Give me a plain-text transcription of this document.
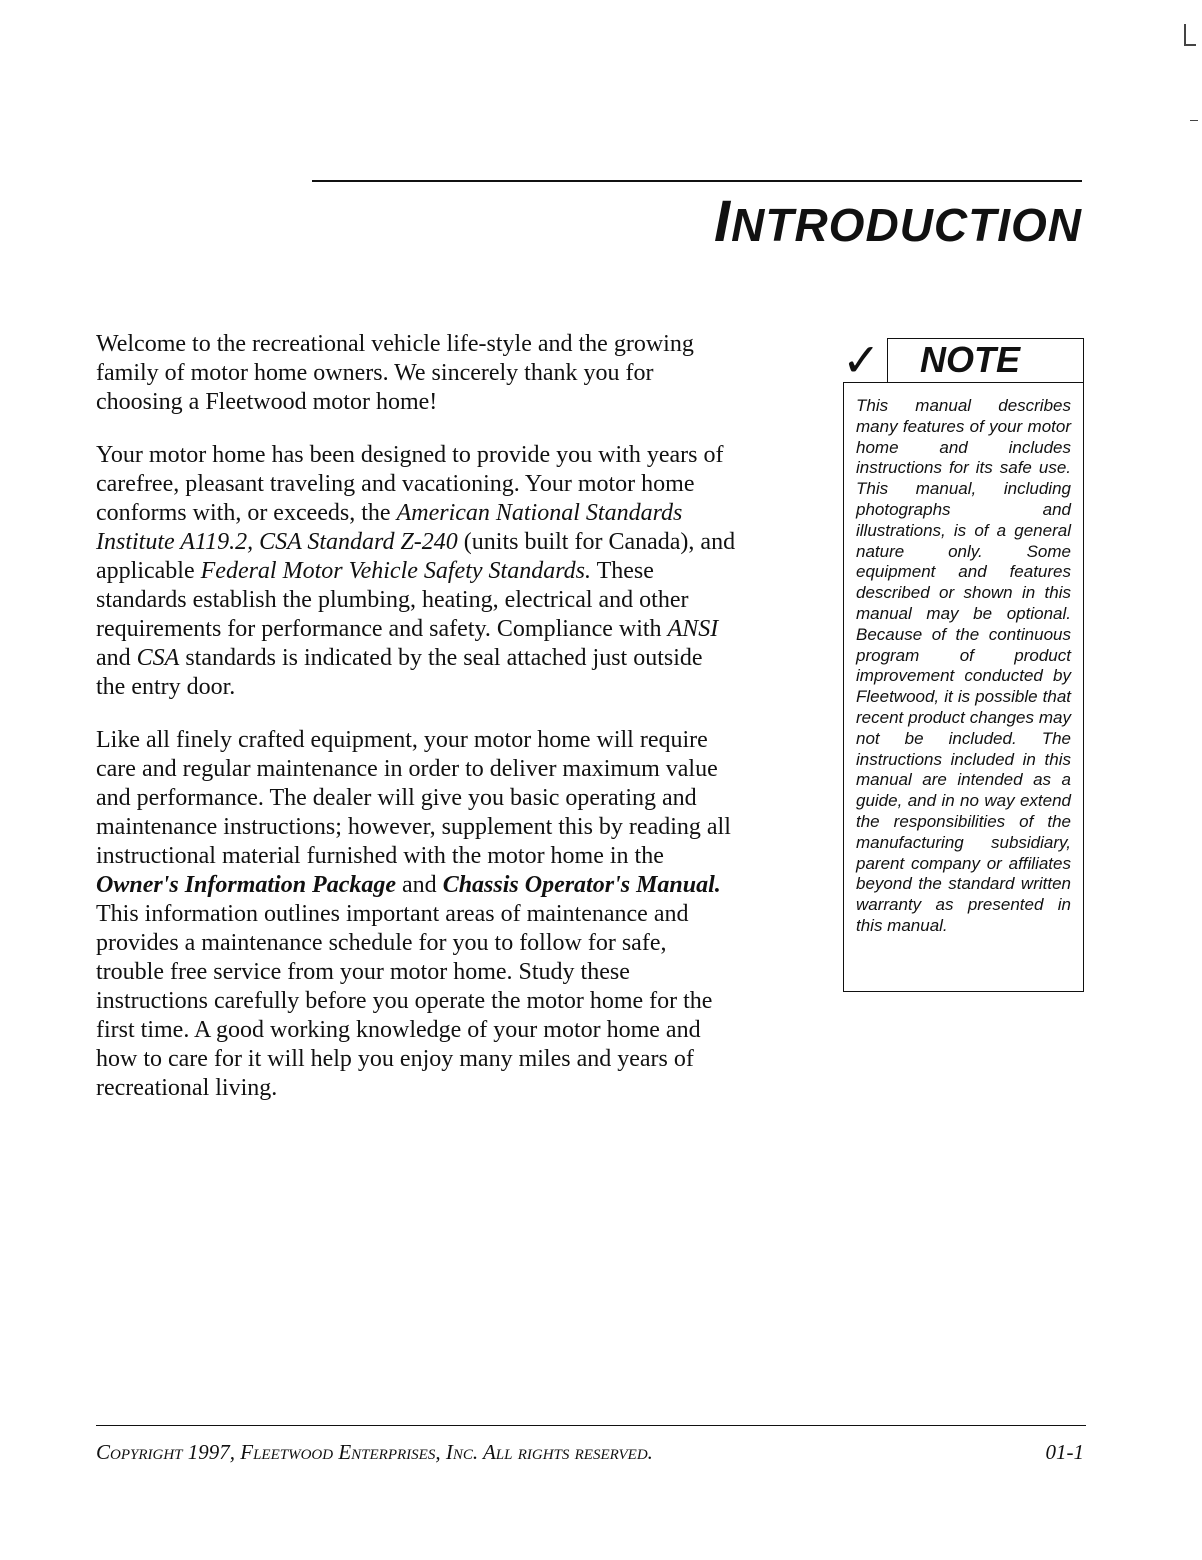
INTRODUCTION

Welcome to the recreational vehicle life-style and the growing family of motor home owners. We sincerely thank you for choosing a Fleetwood motor home!

Your motor home has been designed to provide you with years of carefree, pleasant traveling and vacationing. Your motor home conforms with, or exceeds, the American National Standards Institute A119.2, CSA Standard Z-240 (units built for Canada), and applicable Federal Motor Vehicle Safety Standards. These standards establish the plumbing, heating, electrical and other requirements for performance and safety. Compliance with ANSI and CSA standards is indicated by the seal attached just outside the entry door.

Like all finely crafted equipment, your motor home will require care and regular maintenance in order to deliver maximum value and performance. The dealer will give you basic operating and maintenance instructions; however, supplement this by reading all instructional material furnished with the motor home in the Owner's Information Package and Chassis Operator's Manual. This information outlines important areas of maintenance and provides a maintenance schedule for you to follow for safe, trouble free service from your motor home. Study these instructions carefully before you operate the motor home for the first time. A good working knowledge of your motor home and how to care for it will help you enjoy many miles and years of recreational living.

✓ NOTE

This manual describes many features of your motor home and includes instructions for its safe use. This manual, including photographs and illustrations, is of a general nature only. Some equipment and features described or shown in this manual may be optional. Because of the continuous program of product improvement conducted by Fleetwood, it is possible that recent product changes may not be included. The instructions included in this manual are intended as a guide, and in no way extend the responsibilities of the manufacturing subsidiary, parent company or affiliates beyond the standard written warranty as presented in this manual.

Copyright 1997, Fleetwood Enterprises, Inc. All rights reserved.	01-1
